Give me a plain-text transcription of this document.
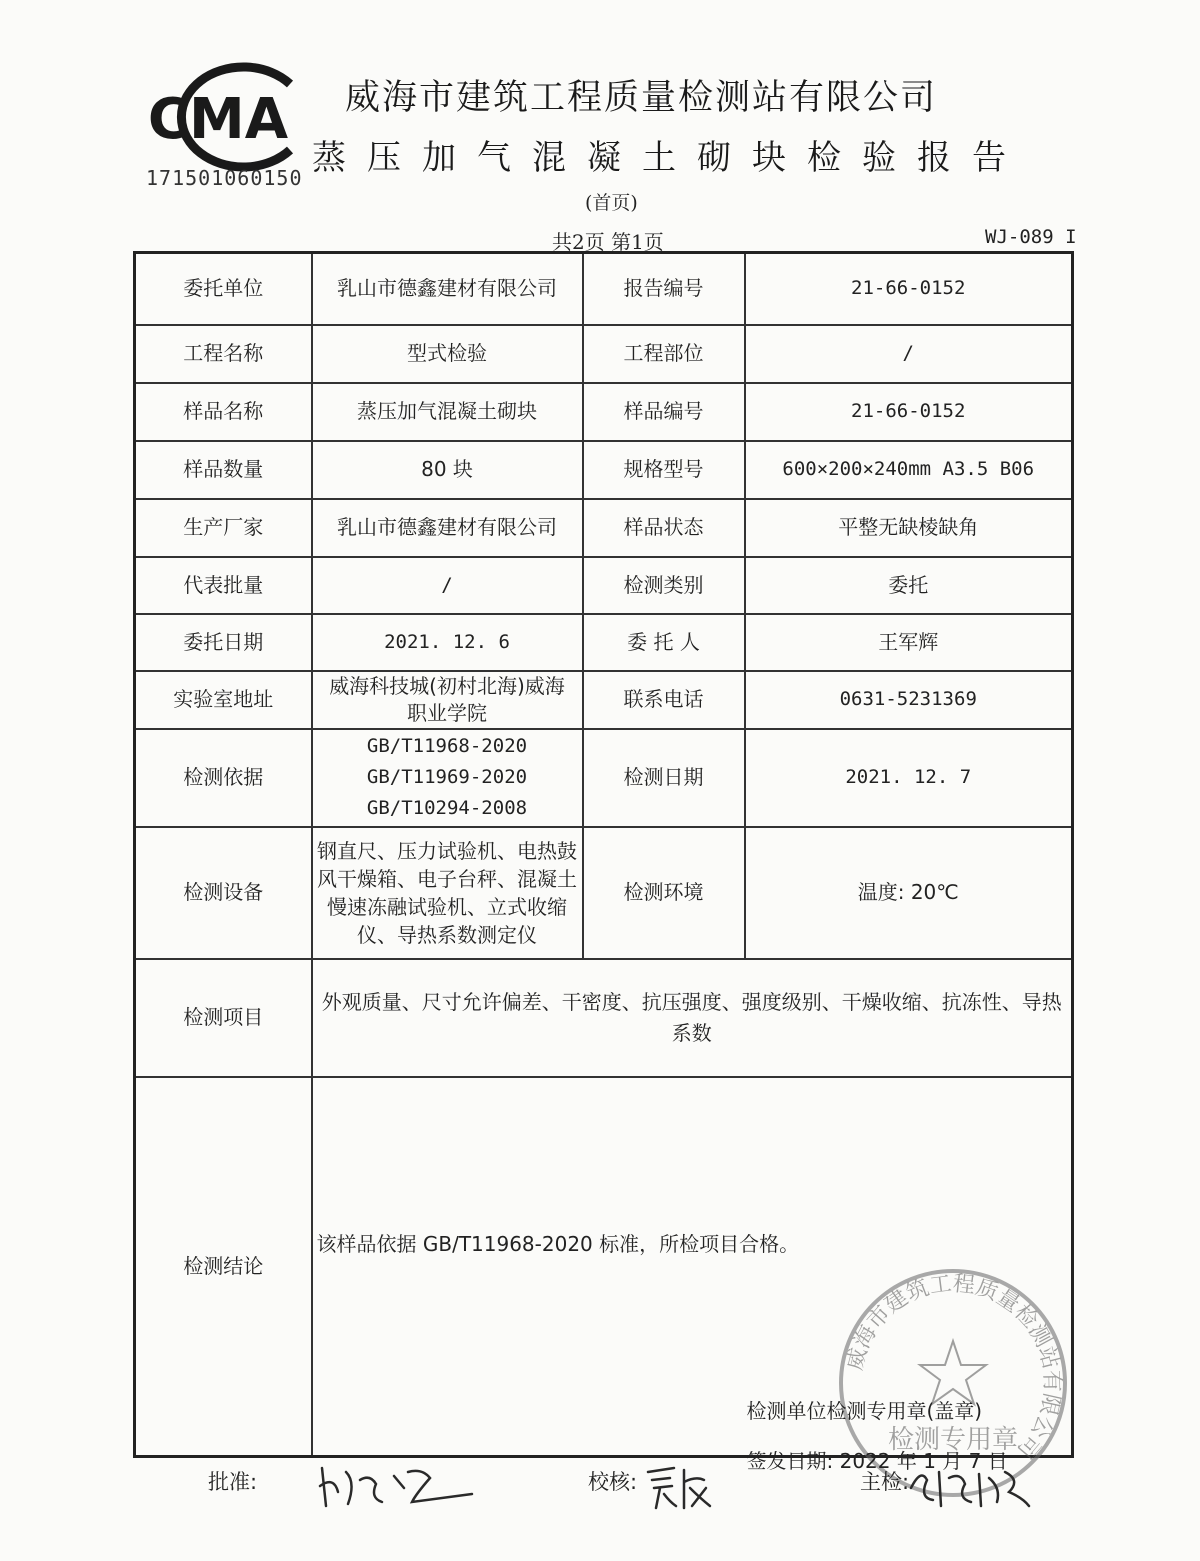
CMA
171501060150
威海市建筑工程质量检测站有限公司
蒸压加气混凝土砌块检验报告
(首页)
共2页 第1页	WJ-089 I
委托单位	乳山市德鑫建材有限公司	报告编号	21-66-0152
工程名称	型式检验	工程部位	/
样品名称	蒸压加气混凝土砌块	样品编号	21-66-0152
样品数量	80 块	规格型号	600×200×240mm A3.5 B06
生产厂家	乳山市德鑫建材有限公司	样品状态	平整无缺棱缺角
代表批量	/	检测类别	委托
委托日期	2021. 12. 6	委 托 人	王军辉
实验室地址	威海科技城(初村北海)威海职业学院	联系电话	0631-5231369
检测依据	GB/T11968-2020
GB/T11969-2020
GB/T10294-2008	检测日期	2021. 12. 7
检测设备	钢直尺、压力试验机、电热鼓风干燥箱、电子台秤、混凝土慢速冻融试验机、立式收缩仪、导热系数测定仪	检测环境	温度: 20℃
检测项目	外观质量、尺寸允许偏差、干密度、抗压强度、强度级别、干燥收缩、抗冻性、导热系数		
检测结论	该样品依据 GB/T11968-2020 标准，所检项目合格。
威海市建筑工程质量检测站有限公司
检测专用章
检测单位检测专用章(盖章)
签发日期: 2022 年 1 月 7 日		
批准:	校核:	主检:
